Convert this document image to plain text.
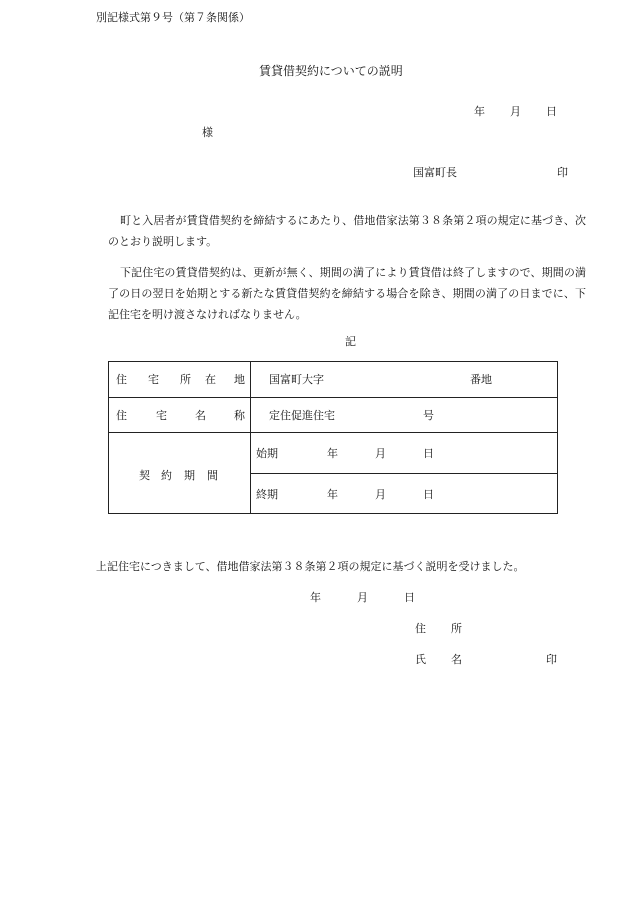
別記様式第９号（第７条関係）
賃貸借契約についての説明
年 月 日
様
国富町長	印
町と入居者が賃貸借契約を締結するにあたり、借地借家法第３８条第２項の規定に基づき、次のとおり説明します。
下記住宅の賃貸借契約は、更新が無く、期間の満了により賃貸借は終了しますので、期間の満了の日の翌日を始期とする新たな賃貸借契約を締結する場合を除き、期間の満了の日までに、下記住宅を明け渡さなければなりません。
記
住 宅 所 在 地	国富町大字 番地

住 宅 名 称	定住促進住宅 号

契 約 期 間	始期 年 月 日

	終期 年 月 日
上記住宅につきまして、借地借家法第３８条第２項の規定に基づく説明を受けました。
年	月	日
住 所
氏 名	印
